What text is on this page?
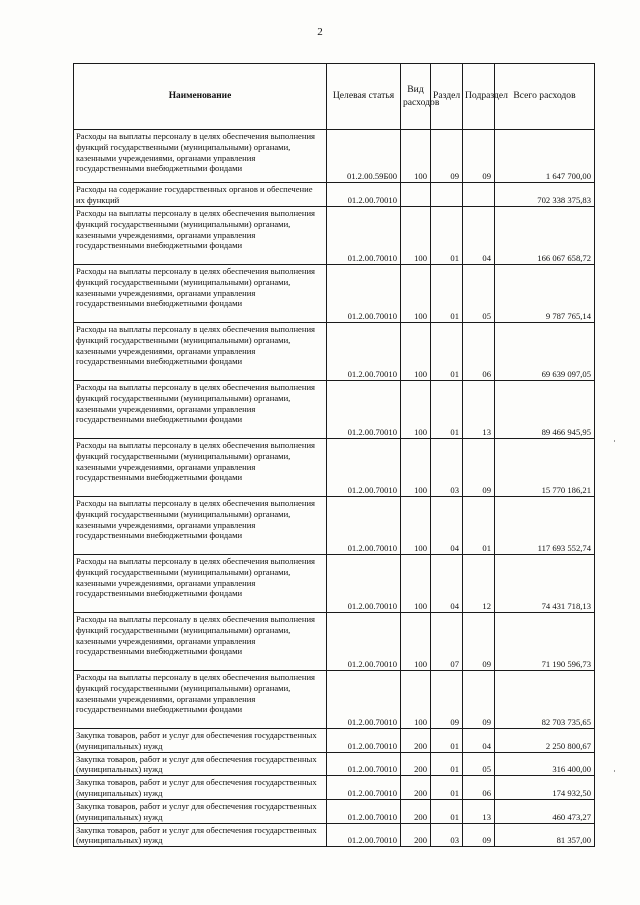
2
Наименование	Целевая статья	Вид расходов	Раздел	Подраздел	Всего расходов
Расходы на выплаты персоналу в целях обеспечения выполнения функций государственными (муниципальными) органами, казенными учреждениями, органами управления государственными внебюджетными фондами	01.2.00.59Б00	100	09	09	1 647 700,00
Расходы на содержание государственных органов и обеспечение их функций	01.2.00.70010				702 338 375,83
Расходы на выплаты персоналу в целях обеспечения выполнения функций государственными (муниципальными) органами, казенными учреждениями, органами управления государственными внебюджетными фондами	01.2.00.70010	100	01	04	166 067 658,72
Расходы на выплаты персоналу в целях обеспечения выполнения функций государственными (муниципальными) органами, казенными учреждениями, органами управления государственными внебюджетными фондами	01.2.00.70010	100	01	05	9 787 765,14
Расходы на выплаты персоналу в целях обеспечения выполнения функций государственными (муниципальными) органами, казенными учреждениями, органами управления государственными внебюджетными фондами	01.2.00.70010	100	01	06	69 639 097,05
Расходы на выплаты персоналу в целях обеспечения выполнения функций государственными (муниципальными) органами, казенными учреждениями, органами управления государственными внебюджетными фондами	01.2.00.70010	100	01	13	89 466 945,95
Расходы на выплаты персоналу в целях обеспечения выполнения функций государственными (муниципальными) органами, казенными учреждениями, органами управления государственными внебюджетными фондами	01.2.00.70010	100	03	09	15 770 186,21
Расходы на выплаты персоналу в целях обеспечения выполнения функций государственными (муниципальными) органами, казенными учреждениями, органами управления государственными внебюджетными фондами	01.2.00.70010	100	04	01	117 693 552,74
Расходы на выплаты персоналу в целях обеспечения выполнения функций государственными (муниципальными) органами, казенными учреждениями, органами управления государственными внебюджетными фондами	01.2.00.70010	100	04	12	74 431 718,13
Расходы на выплаты персоналу в целях обеспечения выполнения функций государственными (муниципальными) органами, казенными учреждениями, органами управления государственными внебюджетными фондами	01.2.00.70010	100	07	09	71 190 596,73
Расходы на выплаты персоналу в целях обеспечения выполнения функций государственными (муниципальными) органами, казенными учреждениями, органами управления государственными внебюджетными фондами	01.2.00.70010	100	09	09	82 703 735,65
Закупка товаров, работ и услуг для обеспечения государственных (муниципальных) нужд	01.2.00.70010	200	01	04	2 250 800,67
Закупка товаров, работ и услуг для обеспечения государственных (муниципальных) нужд	01.2.00.70010	200	01	05	316 400,00
Закупка товаров, работ и услуг для обеспечения государственных (муниципальных) нужд	01.2.00.70010	200	01	06	174 932,50
Закупка товаров, работ и услуг для обеспечения государственных (муниципальных) нужд	01.2.00.70010	200	01	13	460 473,27
Закупка товаров, работ и услуг для обеспечения государственных (муниципальных) нужд	01.2.00.70010	200	03	09	81 357,00
